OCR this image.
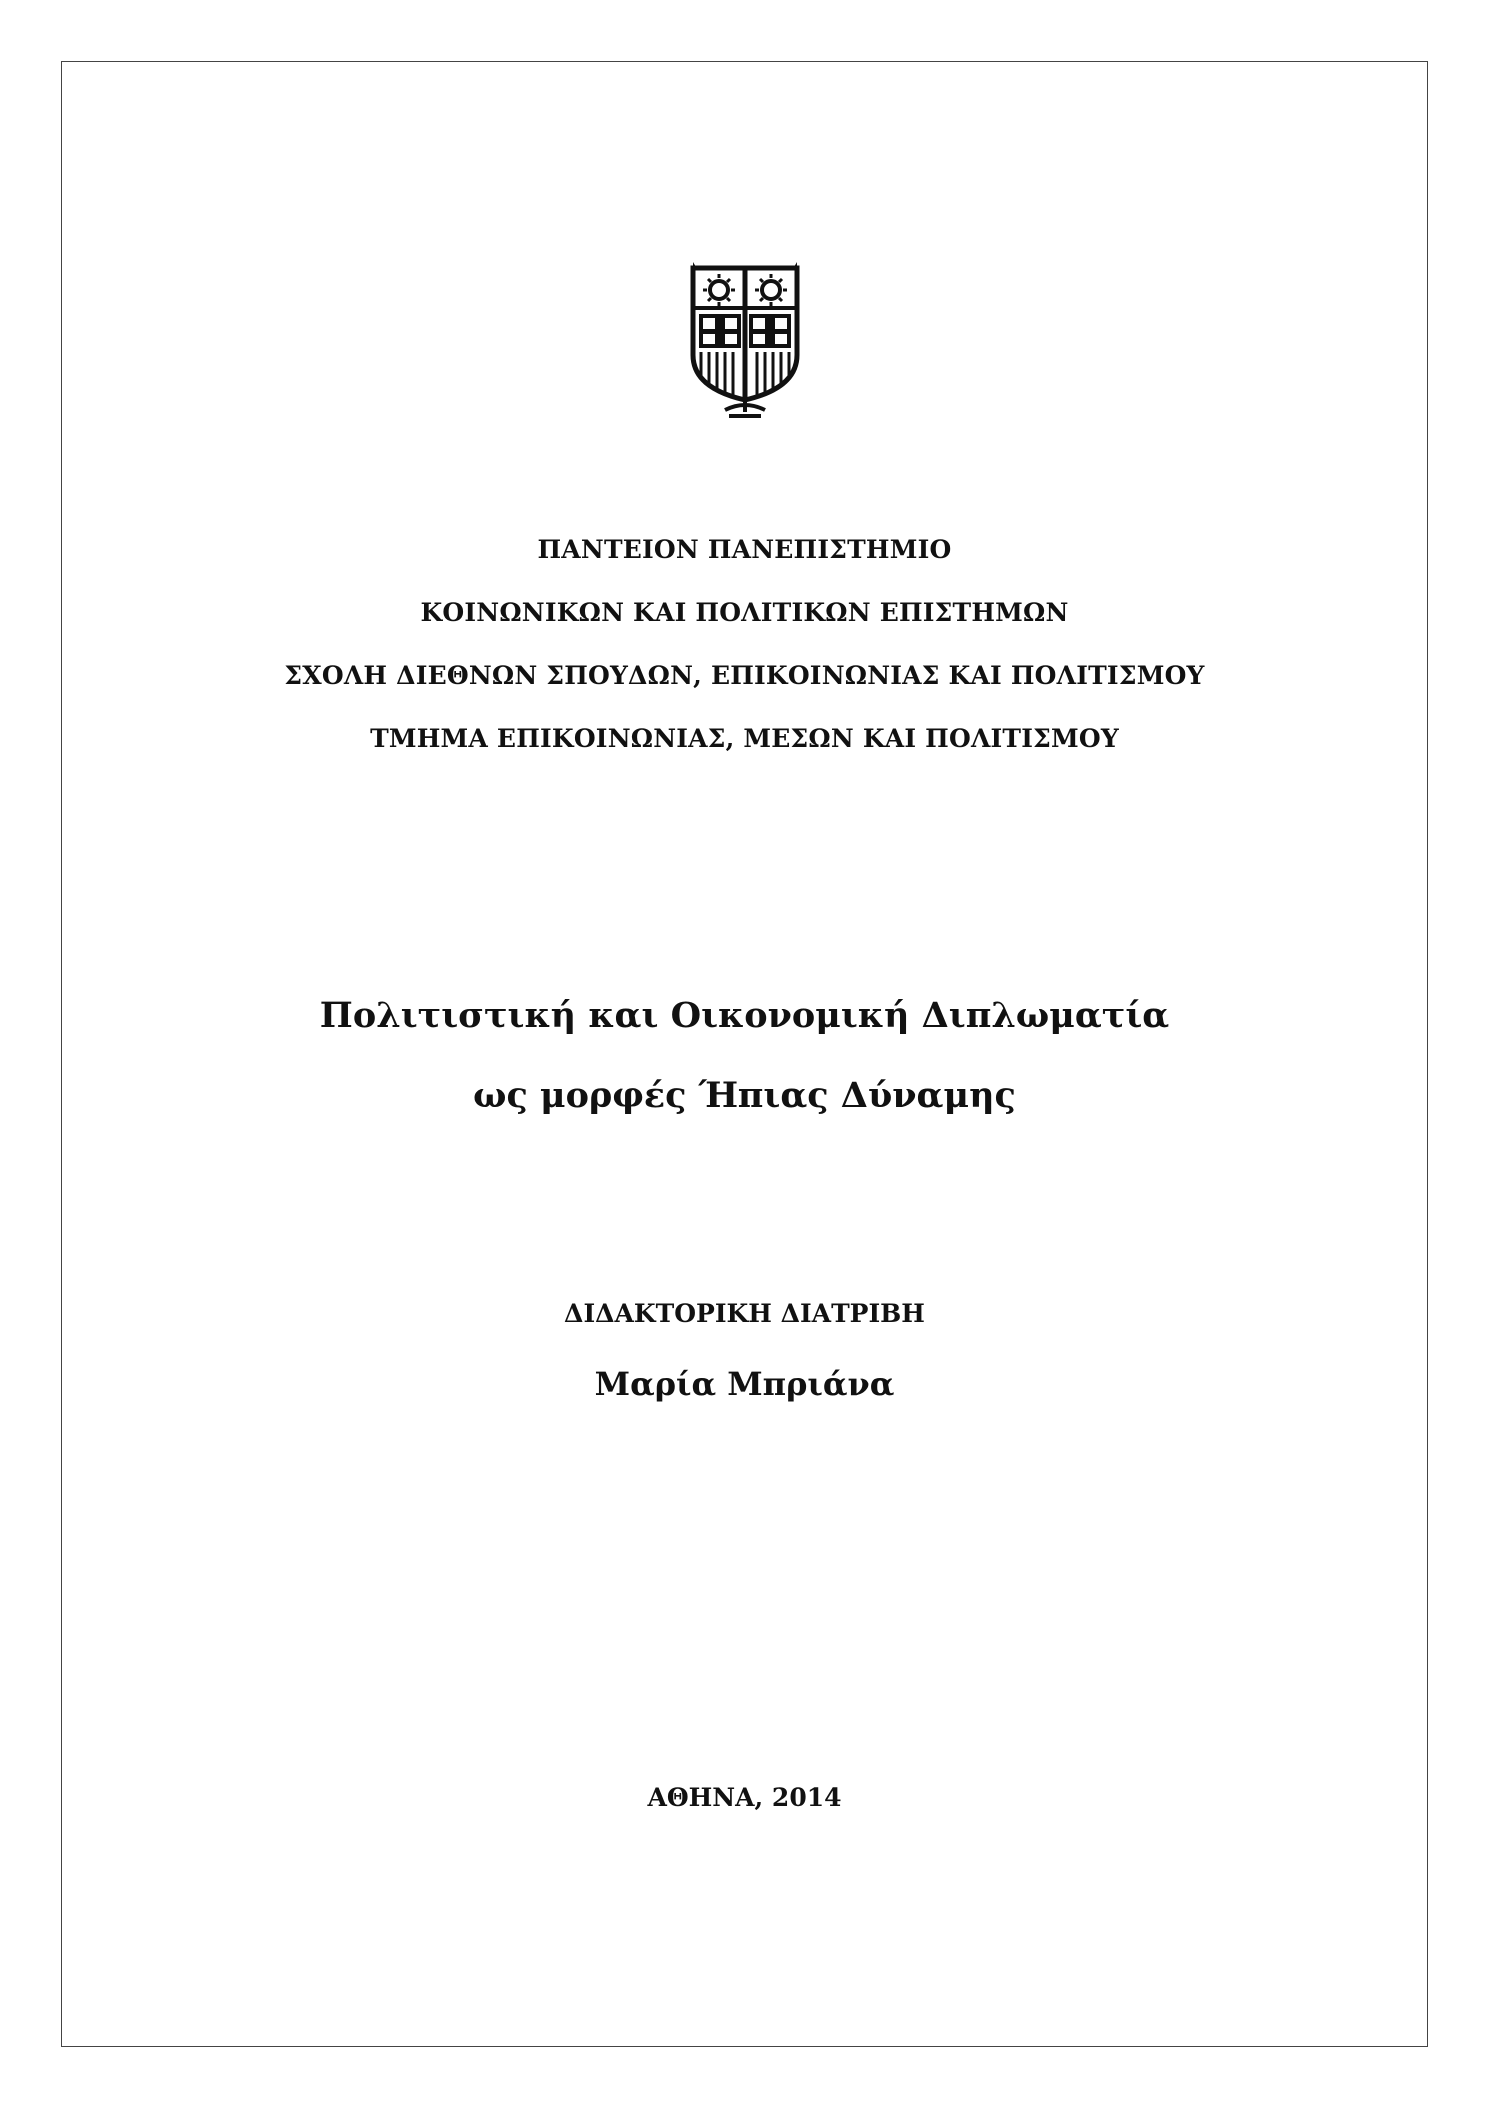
ΠΑΝΤΕΙΟΝ ΠΑΝΕΠΙΣΤΗΜΙΟ
ΚΟΙΝΩΝΙΚΩΝ ΚΑΙ ΠΟΛΙΤΙΚΩΝ ΕΠΙΣΤΗΜΩΝ
ΣΧΟΛΗ ΔΙΕΘΝΩΝ ΣΠΟΥΔΩΝ, ΕΠΙΚΟΙΝΩΝΙΑΣ ΚΑΙ ΠΟΛΙΤΙΣΜΟΥ
ΤΜΗΜΑ ΕΠΙΚΟΙΝΩΝΙΑΣ, ΜΕΣΩΝ ΚΑΙ ΠΟΛΙΤΙΣΜΟΥ
Πολιτιστική και Οικονομική Διπλωματία
ως μορφές Ήπιας Δύναμης
ΔΙΔΑΚΤΟΡΙΚΗ ΔΙΑΤΡΙΒΗ
Μαρία Μπριάνα
ΑΘΗΝΑ, 2014
